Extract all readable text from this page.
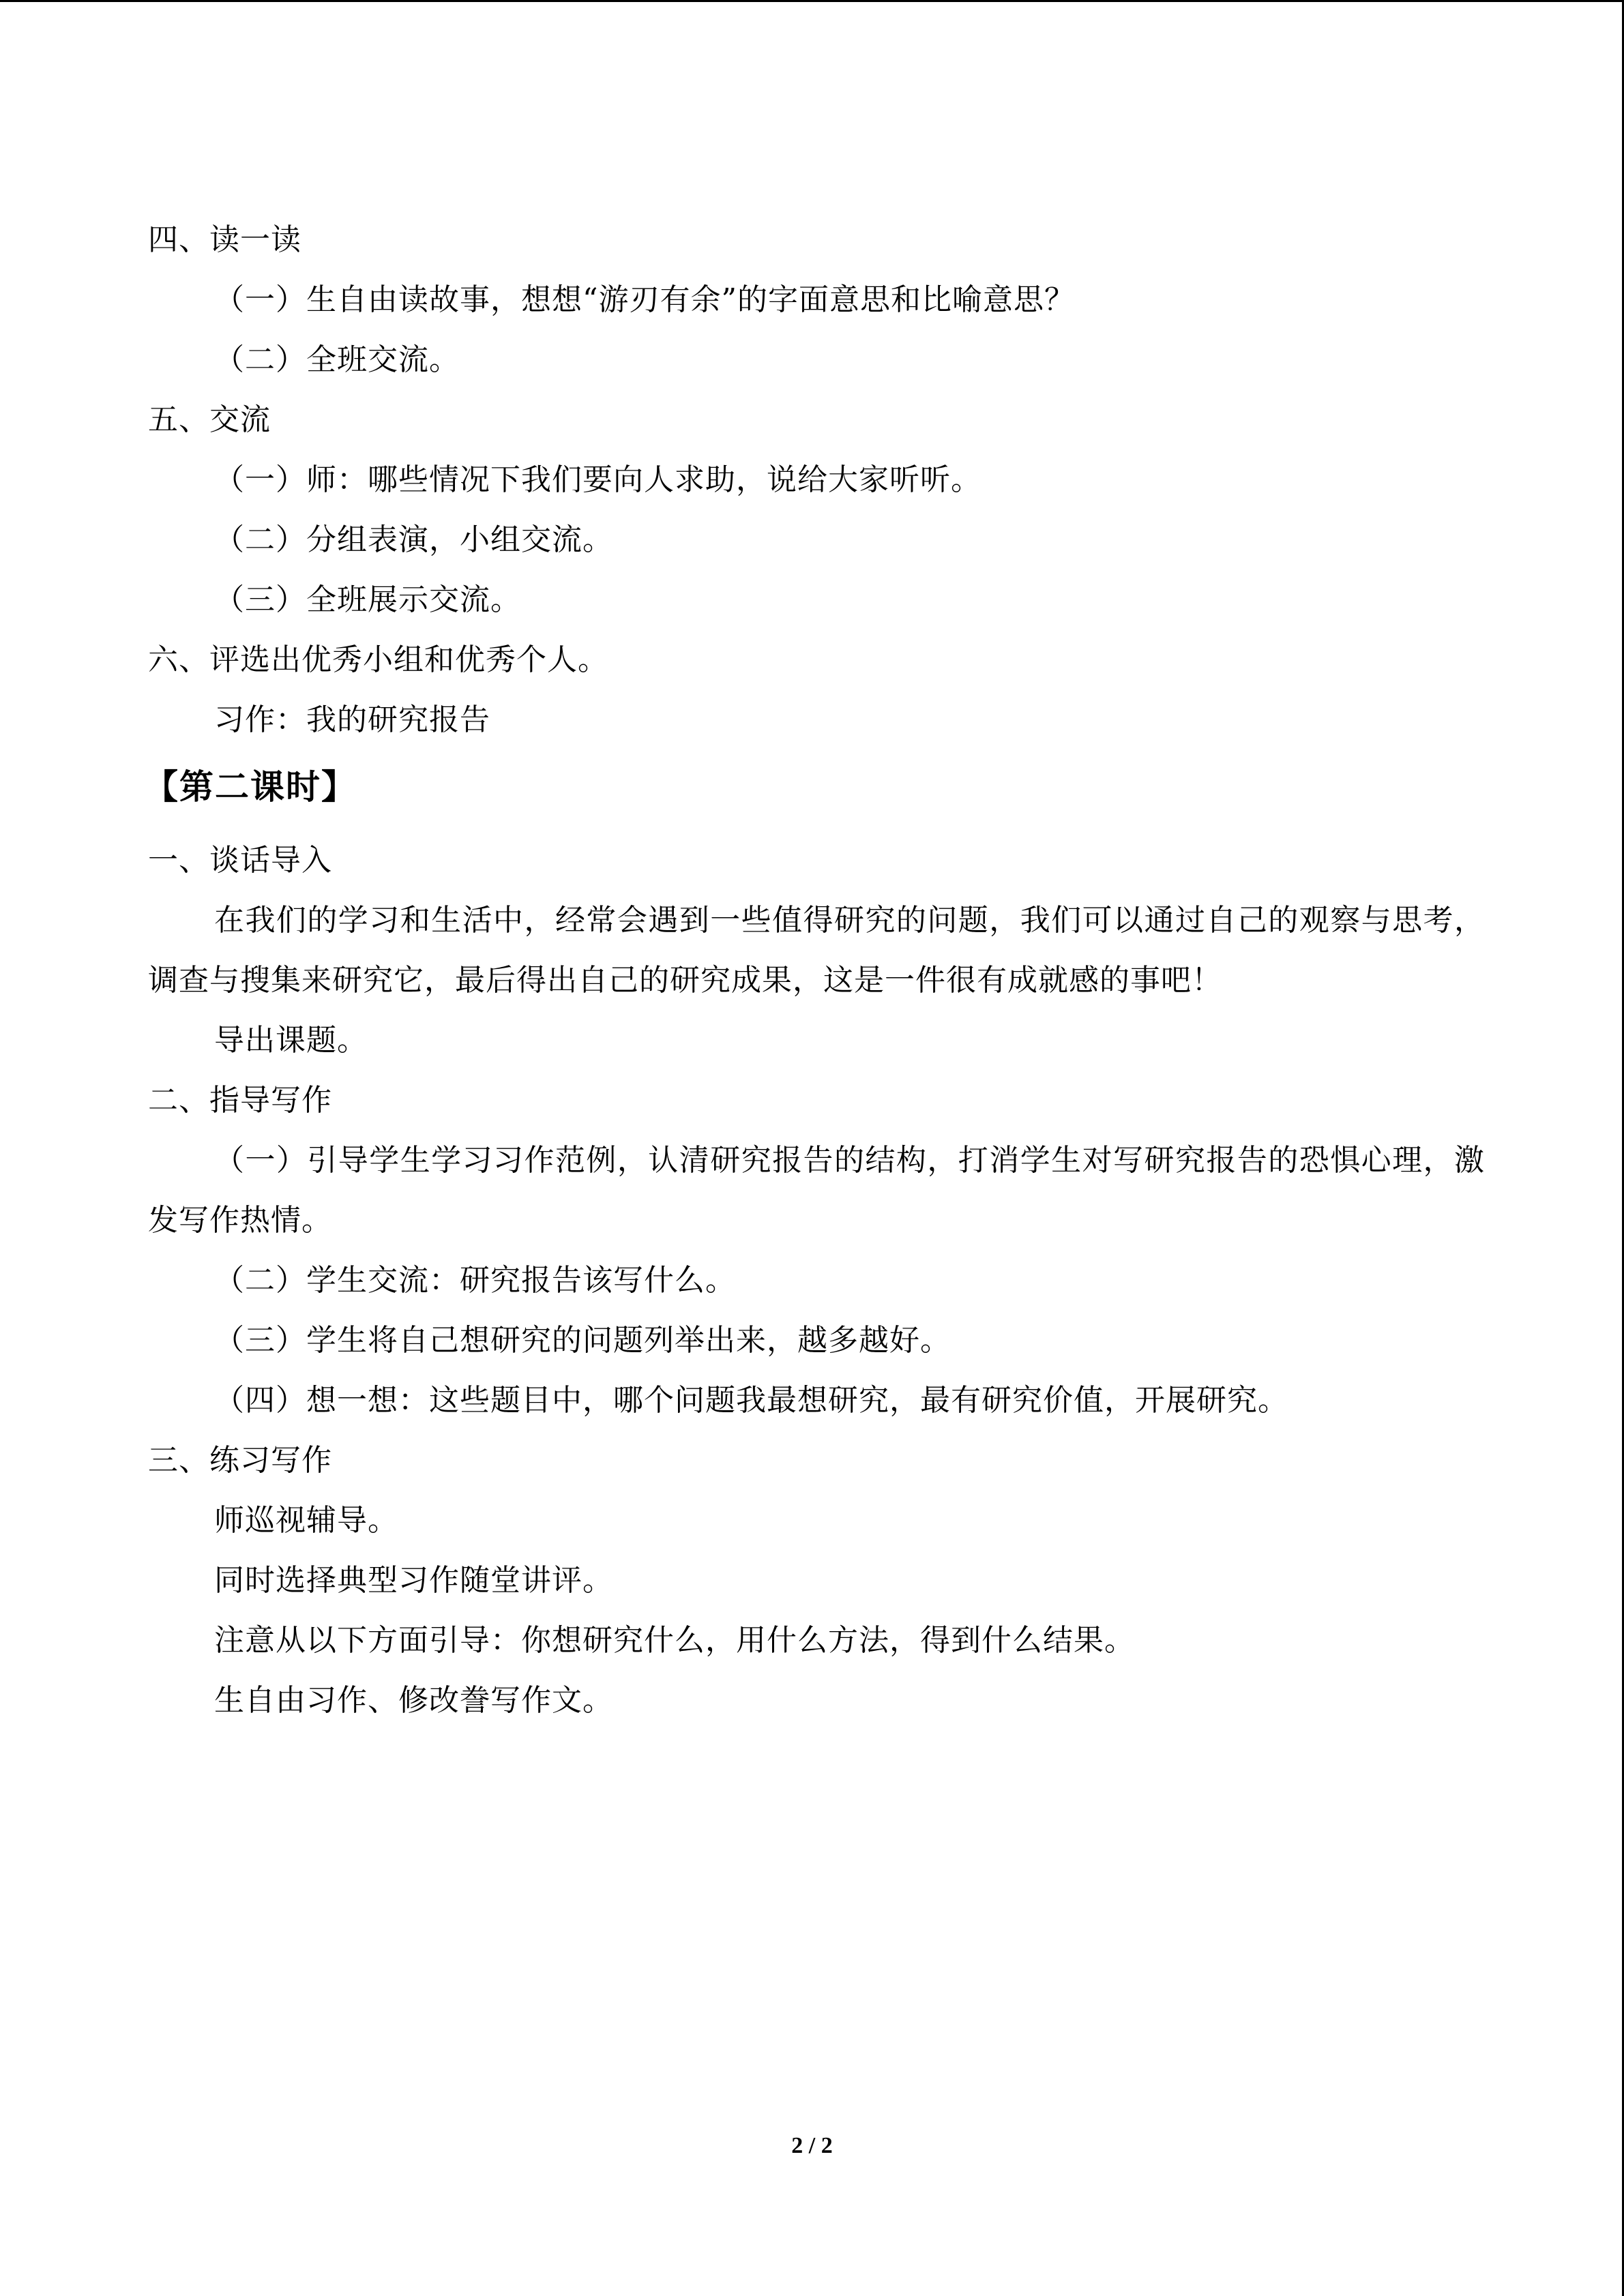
四、读一读
（一）生自由读故事，想想“游刃有余”的字面意思和比喻意思？
（二）全班交流。
五、交流
（一）师：哪些情况下我们要向人求助，说给大家听听。
（二）分组表演，小组交流。
（三）全班展示交流。
六、评选出优秀小组和优秀个人。
习作：我的研究报告
【第二课时】
一、谈话导入
在我们的学习和生活中，经常会遇到一些值得研究的问题，我们可以通过自己的观察与思考，调查与搜集来研究它，最后得出自己的研究成果，这是一件很有成就感的事吧！
导出课题。
二、指导写作
（一）引导学生学习习作范例，认清研究报告的结构，打消学生对写研究报告的恐惧心理，激发写作热情。
（二）学生交流：研究报告该写什么。
（三）学生将自己想研究的问题列举出来，越多越好。
（四）想一想：这些题目中，哪个问题我最想研究，最有研究价值，开展研究。
三、练习写作
师巡视辅导。
同时选择典型习作随堂讲评。
注意从以下方面引导：你想研究什么，用什么方法，得到什么结果。
生自由习作、修改誊写作文。
2 / 2
